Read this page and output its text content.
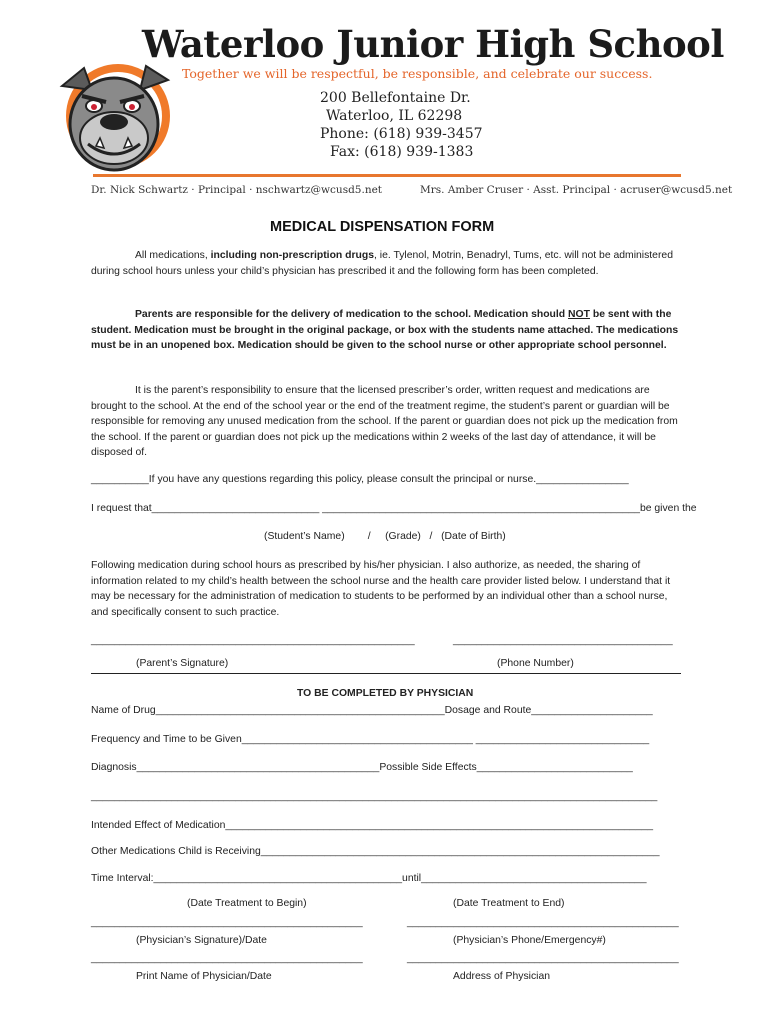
Waterloo Junior High School
Together we will be respectful, be responsible, and celebrate our success.
200 Bellefontaine Dr.
Waterloo, IL 62298
Phone: (618) 939-3457
Fax: (618) 939-1383
Dr. Nick Schwartz · Principal · nschwartz@wcusd5.net	Mrs. Amber Cruser · Asst. Principal · acruser@wcusd5.net
MEDICAL DISPENSATION FORM
All medications, including non-prescription drugs, ie. Tylenol, Motrin, Benadryl, Tums, etc. will not be administered during school hours unless your child’s physician has prescribed it and the following form has been completed.
Parents are responsible for the delivery of medication to the school. Medication should NOT be sent with the student. Medication must be brought in the original package, or box with the students name attached. The medications must be in an unopened box. Medication should be given to the school nurse or other appropriate school personnel.
It is the parent’s responsibility to ensure that the licensed prescriber’s order, written request and medications are brought to the school. At the end of the school year or the end of the treatment regime, the student’s parent or guardian will be responsible for removing any unused medication from the school. If the parent or guardian does not pick up the medication from the school. If the parent or guardian does not pick up the medications within 2 weeks of the last day of attendance, it will be disposed of.
__________If you have any questions regarding this policy, please consult the principal or nurse.________________
I request that_____________________________ _______________________________________________________be given the
(Student’s Name)        /     (Grade)   /   (Date of Birth)
Following medication during school hours as prescribed by his/her physician. I also authorize, as needed, the sharing of information related to my child’s health between the school nurse and the health care provider listed below. I understand that it may be necessary for the administration of medication to students to be performed by an individual other than a school nurse, and specifically consent to such practice.
________________________________________________________	______________________________________
(Parent’s Signature)	(Phone Number)
TO BE COMPLETED BY PHYSICIAN
Name of Drug__________________________________________________Dosage and Route_____________________
Frequency and Time to be Given________________________________________ ______________________________
Diagnosis__________________________________________Possible Side Effects___________________________
__________________________________________________________________________________________________
Intended Effect of Medication__________________________________________________________________________
Other Medications Child is Receiving_____________________________________________________________________
Time Interval:___________________________________________until_______________________________________
(Date Treatment to Begin)	(Date Treatment to End)
_______________________________________________	_______________________________________________
(Physician’s Signature)/Date	(Physician’s Phone/Emergency#)
_______________________________________________	_______________________________________________
Print Name of Physician/Date	Address of Physician
